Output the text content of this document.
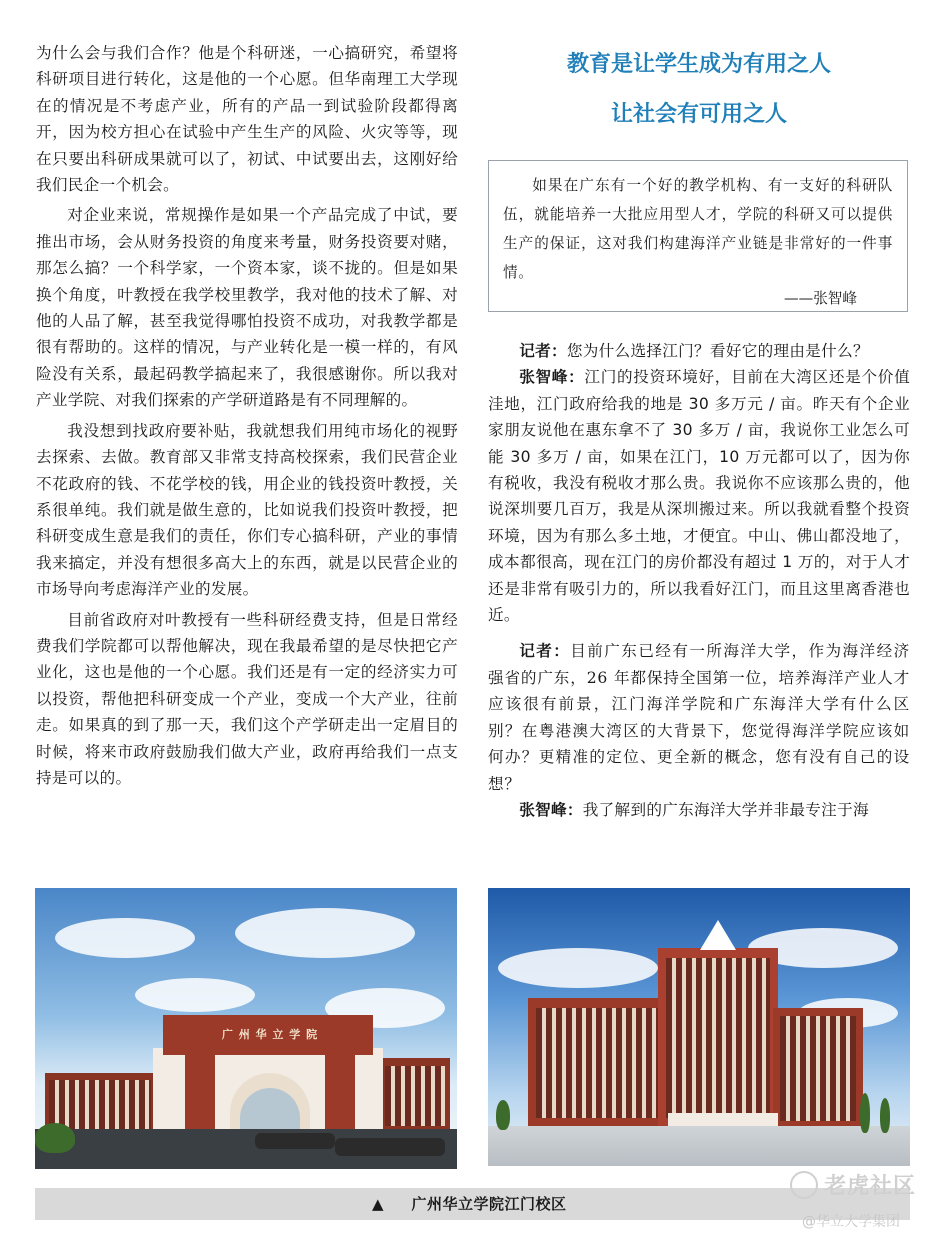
为什么会与我们合作？他是个科研迷，一心搞研究，希望将科研项目进行转化，这是他的一个心愿。但华南理工大学现在的情况是不考虑产业，所有的产品一到试验阶段都得离开，因为校方担心在试验中产生生产的风险、火灾等等，现在只要出科研成果就可以了，初试、中试要出去，这刚好给我们民企一个机会。

对企业来说，常规操作是如果一个产品完成了中试，要推出市场，会从财务投资的角度来考量，财务投资要对赌，那怎么搞？一个科学家，一个资本家，谈不拢的。但是如果换个角度，叶教授在我学校里教学，我对他的技术了解、对他的人品了解，甚至我觉得哪怕投资不成功，对我教学都是很有帮助的。这样的情况，与产业转化是一模一样的，有风险没有关系，最起码教学搞起来了，我很感谢你。所以我对产业学院、对我们探索的产学研道路是有不同理解的。

我没想到找政府要补贴，我就想我们用纯市场化的视野去探索、去做。教育部又非常支持高校探索，我们民营企业不花政府的钱、不花学校的钱，用企业的钱投资叶教授，关系很单纯。我们就是做生意的，比如说我们投资叶教授，把科研变成生意是我们的责任，你们专心搞科研，产业的事情我来搞定，并没有想很多高大上的东西，就是以民营企业的市场导向考虑海洋产业的发展。

目前省政府对叶教授有一些科研经费支持，但是日常经费我们学院都可以帮他解决，现在我最希望的是尽快把它产业化，这也是他的一个心愿。我们还是有一定的经济实力可以投资，帮他把科研变成一个产业，变成一个大产业，往前走。如果真的到了那一天，我们这个产学研走出一定眉目的时候，将来市政府鼓励我们做大产业，政府再给我们一点支持是可以的。

教育是让学生成为有用之人

让社会有可用之人

如果在广东有一个好的教学机构、有一支好的科研队伍，就能培养一大批应用型人才，学院的科研又可以提供生产的保证，这对我们构建海洋产业链是非常好的一件事情。

——张智峰

记者：您为什么选择江门？看好它的理由是什么？

张智峰：江门的投资环境好，目前在大湾区还是个价值洼地，江门政府给我的地是 30 多万元 / 亩。昨天有个企业家朋友说他在惠东拿不了 30 多万 / 亩，我说你工业怎么可能 30 多万 / 亩，如果在江门，10 万元都可以了，因为你有税收，我没有税收才那么贵。我说你不应该那么贵的，他说深圳要几百万，我是从深圳搬过来。所以我就看整个投资环境，因为有那么多土地，才便宜。中山、佛山都没地了，成本都很高，现在江门的房价都没有超过 1 万的，对于人才还是非常有吸引力的，所以我看好江门，而且这里离香港也近。

记者：目前广东已经有一所海洋大学，作为海洋经济强省的广东，26 年都保持全国第一位，培养海洋产业人才应该很有前景，江门海洋学院和广东海洋大学有什么区别？在粤港澳大湾区的大背景下，您觉得海洋学院应该如何办？更精准的定位、更全新的概念，您有没有自己的设想？

张智峰：我了解到的广东海洋大学并非最专注于海

广 州 华 立 学 院
▲ 广州华立学院江门校区
老虎社区
@华立大学集团
